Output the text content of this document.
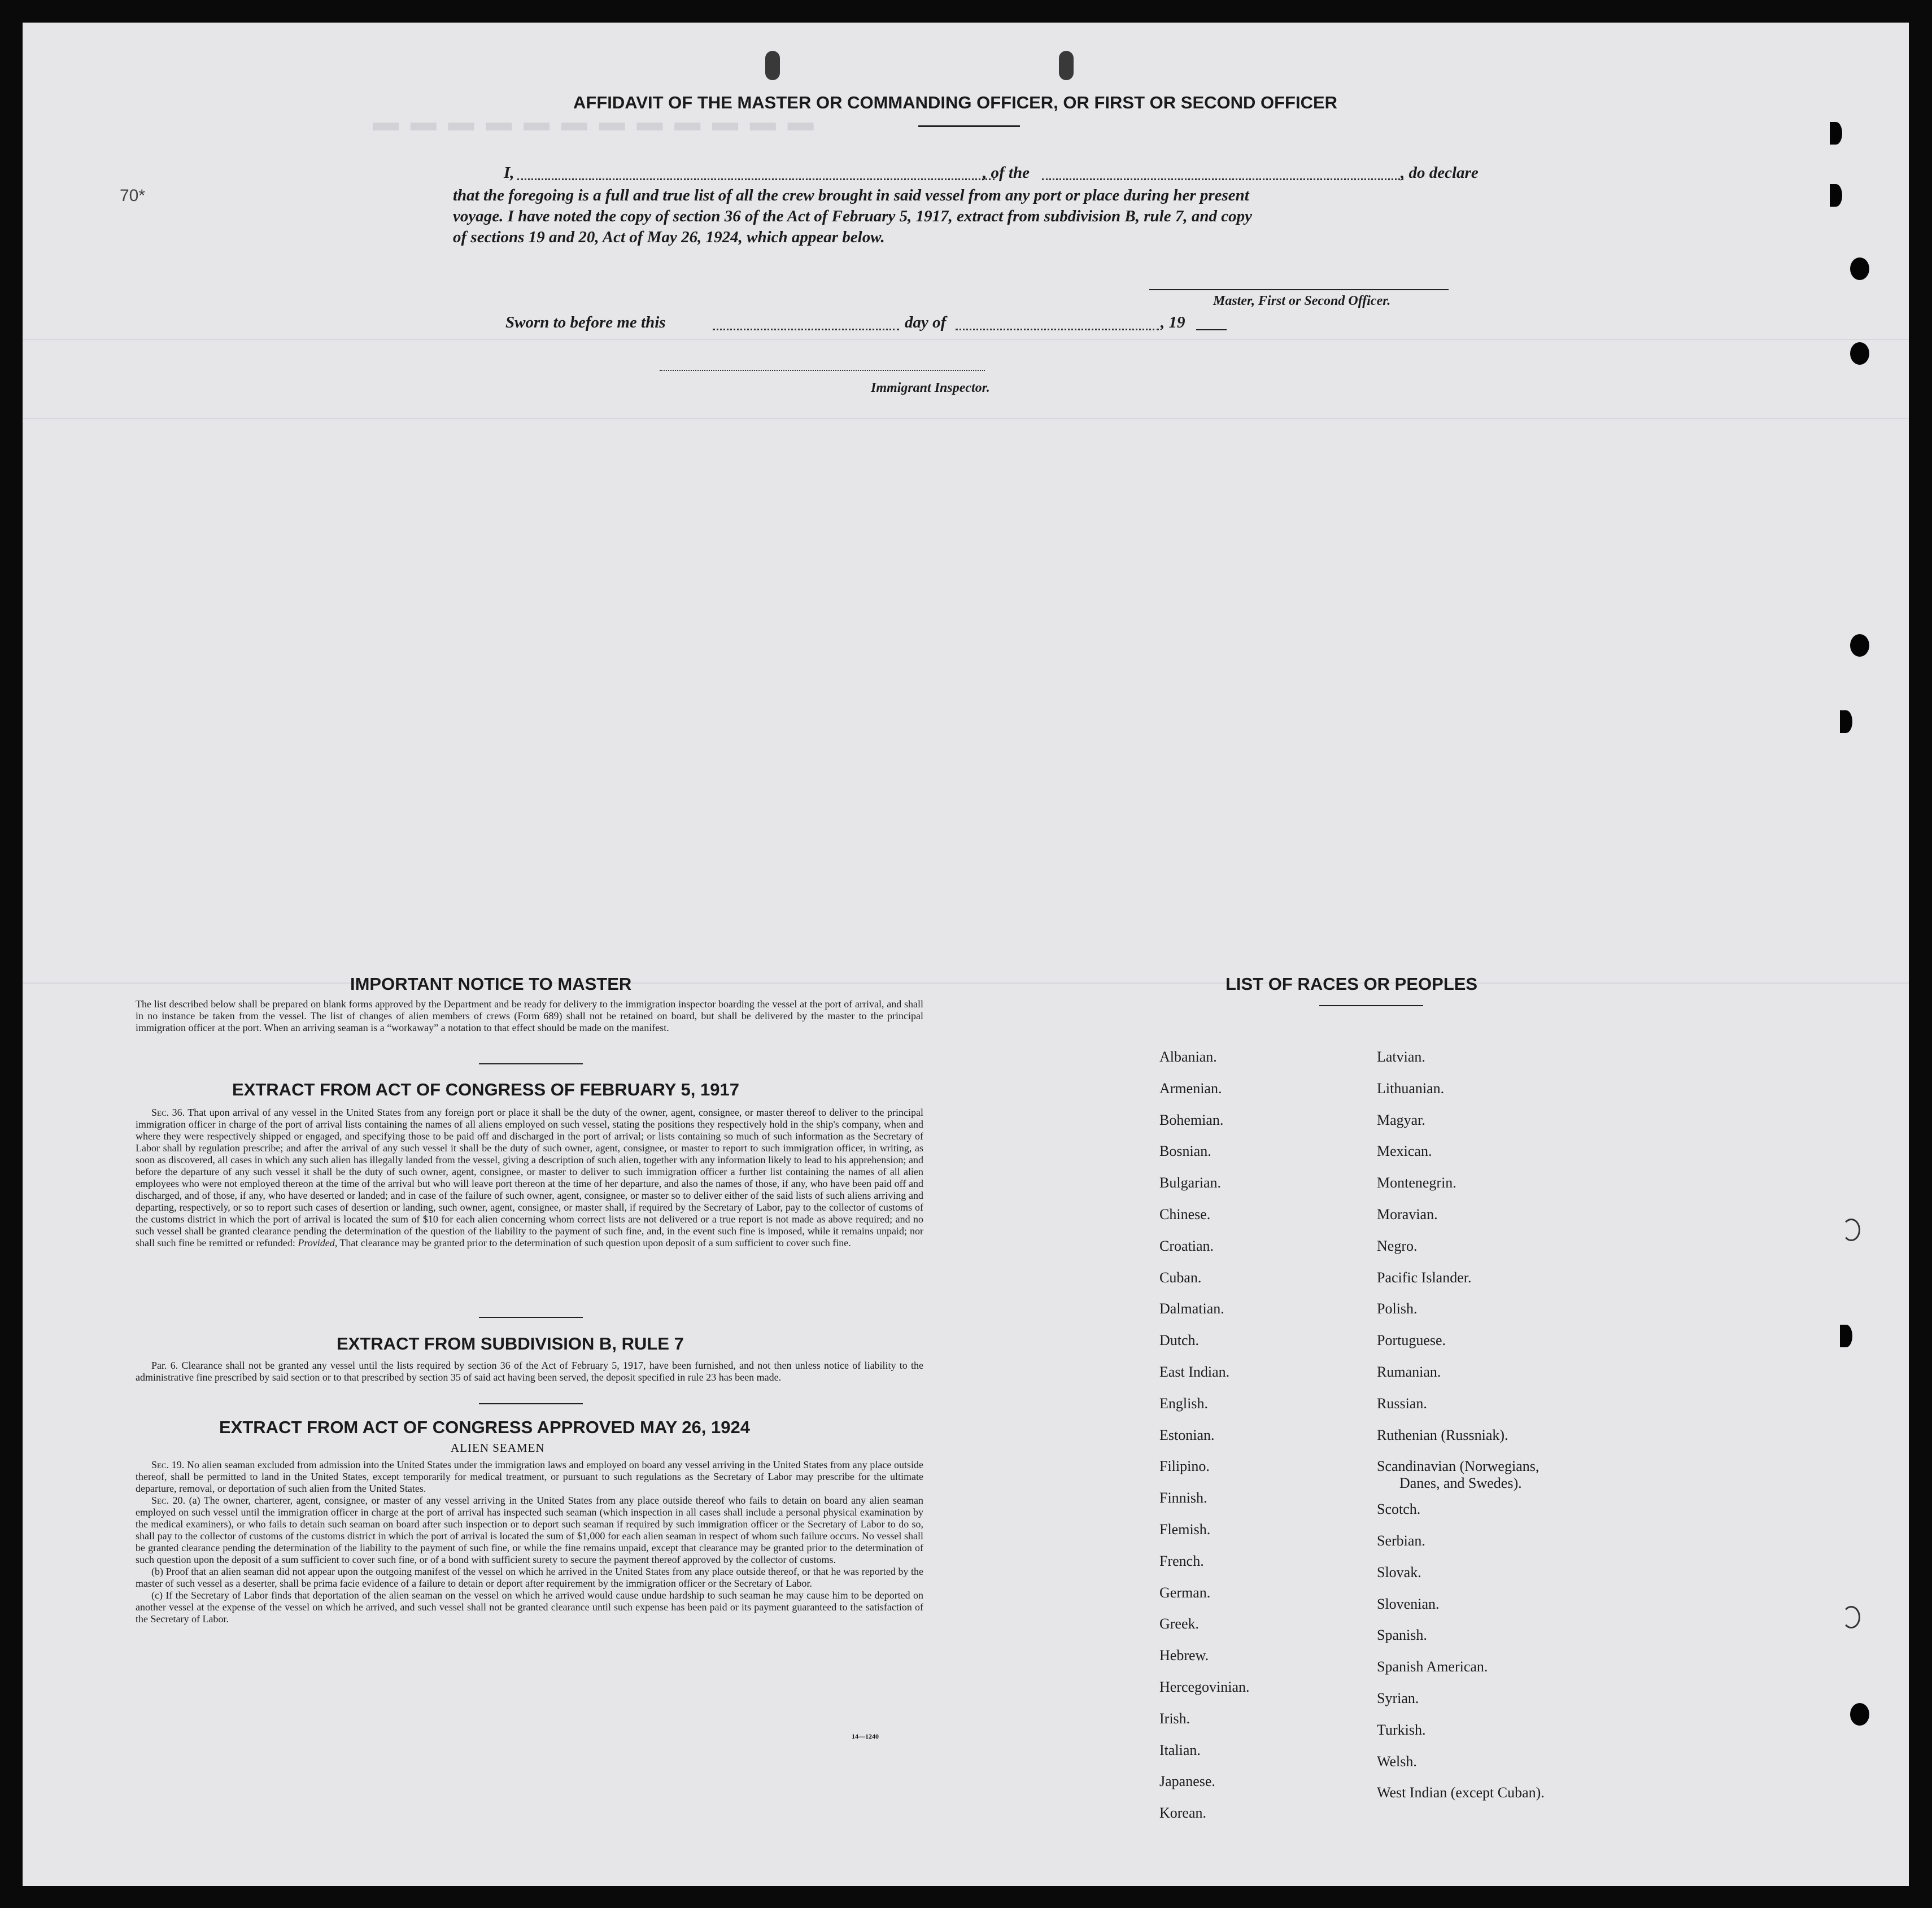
▬ ▬ ▬ ▬ ▬ ▬ ▬ ▬ ▬ ▬ ▬ ▬
70*
AFFIDAVIT OF THE MASTER OR COMMANDING OFFICER, OR FIRST OR SECOND OFFICER
I,	, of the	, do declare
that the foregoing is a full and true list of all the crew brought in said vessel from any port or place during her present
voyage. I have noted the copy of section 36 of the Act of February 5, 1917, extract from subdivision B, rule 7, and copy
of sections 19 and 20, Act of May 26, 1924, which appear below.
Master, First or Second Officer.
Sworn to before me this	day of	, 19
Immigrant Inspector.
IMPORTANT NOTICE TO MASTER

The list described below shall be prepared on blank forms approved by the Department and be ready for delivery to the immigration inspector boarding the vessel at the port of arrival, and shall in no instance be taken from the vessel. The list of changes of alien members of crews (Form 689) shall not be retained on board, but shall be delivered by the master to the principal immigration officer at the port. When an arriving seaman is a “workaway” a notation to that effect should be made on the manifest.

EXTRACT FROM ACT OF CONGRESS OF FEBRUARY 5, 1917

Sec. 36. That upon arrival of any vessel in the United States from any foreign port or place it shall be the duty of the owner, agent, consignee, or master thereof to deliver to the principal immigration officer in charge of the port of arrival lists containing the names of all aliens employed on such vessel, stating the positions they respectively hold in the ship's company, when and where they were respectively shipped or engaged, and specifying those to be paid off and discharged in the port of arrival; or lists containing so much of such information as the Secretary of Labor shall by regulation prescribe; and after the arrival of any such vessel it shall be the duty of such owner, agent, consignee, or master to report to such immigration officer, in writing, as soon as discovered, all cases in which any such alien has illegally landed from the vessel, giving a description of such alien, together with any information likely to lead to his apprehension; and before the departure of any such vessel it shall be the duty of such owner, agent, consignee, or master to deliver to such immigration officer a further list containing the names of all alien employees who were not employed thereon at the time of the arrival but who will leave port thereon at the time of her departure, and also the names of those, if any, who have been paid off and discharged, and of those, if any, who have deserted or landed; and in case of the failure of such owner, agent, consignee, or master so to deliver either of the said lists of such aliens arriving and departing, respectively, or so to report such cases of desertion or landing, such owner, agent, consignee, or master shall, if required by the Secretary of Labor, pay to the collector of customs of the customs district in which the port of arrival is located the sum of $10 for each alien concerning whom correct lists are not delivered or a true report is not made as above required; and no such vessel shall be granted clearance pending the determination of the question of the liability to the payment of such fine, and, in the event such fine is imposed, while it remains unpaid; nor shall such fine be remitted or refunded: Provided, That clearance may be granted prior to the determination of such question upon deposit of a sum sufficient to cover such fine.

EXTRACT FROM SUBDIVISION B, RULE 7

Par. 6. Clearance shall not be granted any vessel until the lists required by section 36 of the Act of February 5, 1917, have been furnished, and not then unless notice of liability to the administrative fine prescribed by said section or to that prescribed by section 35 of said act having been served, the deposit specified in rule 23 has been made.

EXTRACT FROM ACT OF CONGRESS APPROVED MAY 26, 1924
ALIEN SEAMEN

Sec. 19. No alien seaman excluded from admission into the United States under the immigration laws and employed on board any vessel arriving in the United States from any place outside thereof, shall be permitted to land in the United States, except temporarily for medical treatment, or pursuant to such regulations as the Secretary of Labor may prescribe for the ultimate departure, removal, or deportation of such alien from the United States.

Sec. 20. (a) The owner, charterer, agent, consignee, or master of any vessel arriving in the United States from any place outside thereof who fails to detain on board any alien seaman employed on such vessel until the immigration officer in charge at the port of arrival has inspected such seaman (which inspection in all cases shall include a personal physical examination by the medical examiners), or who fails to detain such seaman on board after such inspection or to deport such seaman if required by such immigration officer or the Secretary of Labor to do so, shall pay to the collector of customs of the customs district in which the port of arrival is located the sum of $1,000 for each alien seaman in respect of whom such failure occurs. No vessel shall be granted clearance pending the determination of the liability to the payment of such fine, or while the fine remains unpaid, except that clearance may be granted prior to the determination of such question upon the deposit of a sum sufficient to cover such fine, or of a bond with sufficient surety to secure the payment thereof approved by the collector of customs.

(b) Proof that an alien seaman did not appear upon the outgoing manifest of the vessel on which he arrived in the United States from any place outside thereof, or that he was reported by the master of such vessel as a deserter, shall be prima facie evidence of a failure to detain or deport after requirement by the immigration officer or the Secretary of Labor.

(c) If the Secretary of Labor finds that deportation of the alien seaman on the vessel on which he arrived would cause undue hardship to such seaman he may cause him to be deported on another vessel at the expense of the vessel on which he arrived, and such vessel shall not be granted clearance until such expense has been paid or its payment guaranteed to the satisfaction of the Secretary of Labor.

14—1240
LIST OF RACES OR PEOPLES
Albanian.
Armenian.
Bohemian.
Bosnian.
Bulgarian.
Chinese.
Croatian.
Cuban.
Dalmatian.
Dutch.
East Indian.
English.
Estonian.
Filipino.
Finnish.
Flemish.
French.
German.
Greek.
Hebrew.
Hercegovinian.
Irish.
Italian.
Japanese.
Korean.
Latvian.
Lithuanian.
Magyar.
Mexican.
Montenegrin.
Moravian.
Negro.
Pacific Islander.
Polish.
Portuguese.
Rumanian.
Russian.
Ruthenian (Russniak).
Scandinavian (Norwegians,
Danes, and Swedes).
Scotch.
Serbian.
Slovak.
Slovenian.
Spanish.
Spanish American.
Syrian.
Turkish.
Welsh.
West Indian (except Cuban).
